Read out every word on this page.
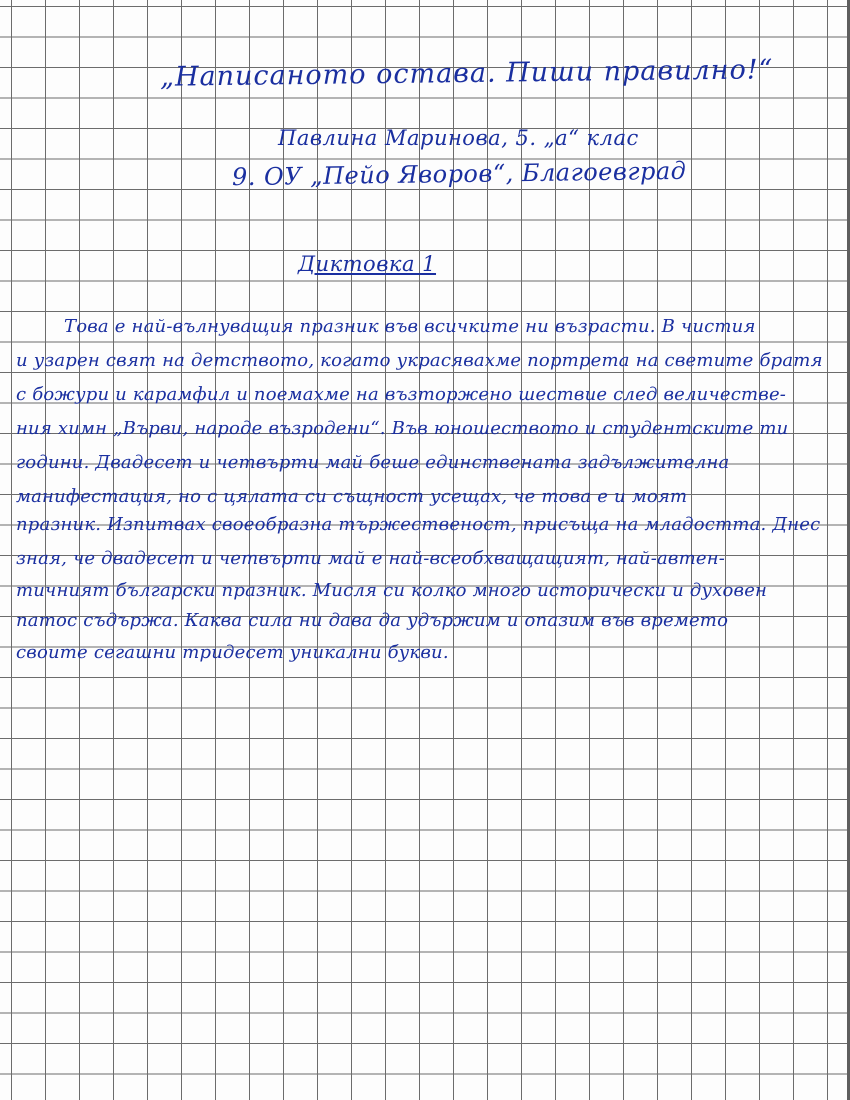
„Написаното остава. Пиши правилно!“
Павлина Маринова, 5. „а“ клас
9. ОУ „Пейо Яворов“, Благоевград
Диктовка 1
Това е най-вълнуващия празник във всичките ни възрасти. В чистия
и узарен свят на детството, когато украсявахме портрета на светите братя
с божури и карамфил и поемахме на възторжено шествие след величестве-
ния химн „Върви, народе възродени“. Във юношеството и студентските ти
години. Двадесет и четвърти май беше единствената задължителна
манифестация, но с цялата си същност усещах, че това е и моят
празник. Изпитвах своеобразна тържественост, присъща на младостта. Днес
зная, че двадесет и четвърти май е най-всеобхващащият, най-автен-
тичният български празник. Мисля си колко много исторически и духовен
патос съдържа. Каква сила ни дава да удържим и опазим във времето
своите сегашни тридесет уникални букви.
